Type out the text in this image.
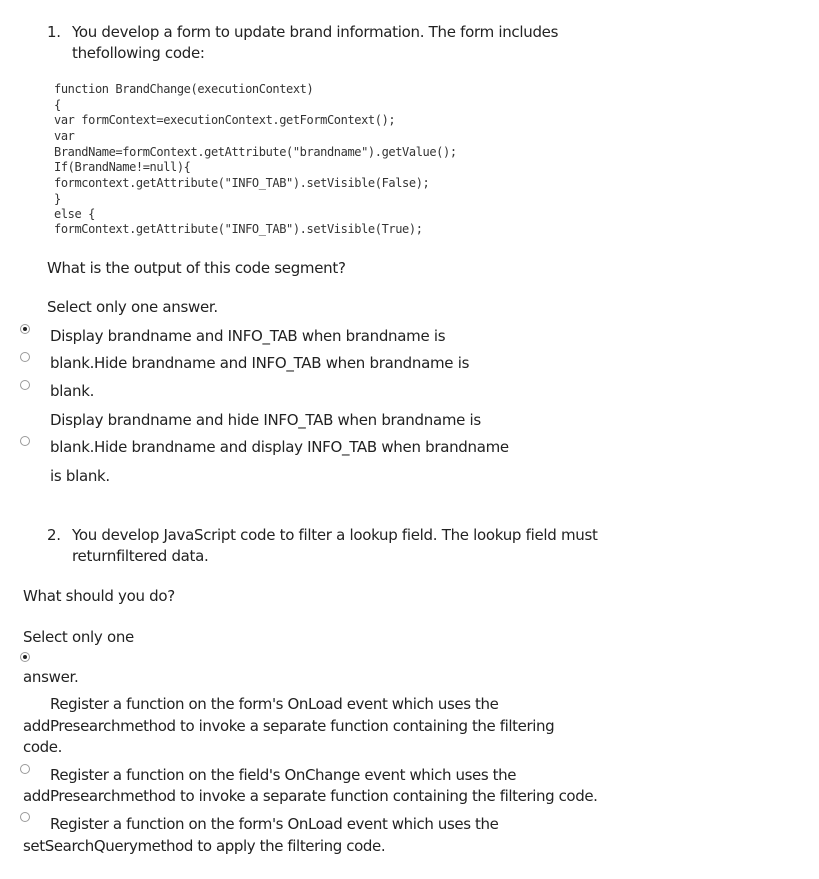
1. You develop a form to update brand information. The form includes
thefollowing code:
function BrandChange(executionContext)
{
var formContext=executionContext.getFormContext();
var
BrandName=formContext.getAttribute("brandname").getValue();
If(BrandName!=null){
formcontext.getAttribute("INFO_TAB").setVisible(False);
}
else {
formContext.getAttribute("INFO_TAB").setVisible(True);
What is the output of this code segment?
Select only one answer.
Display brandname and INFO_TAB when brandname is
blank.Hide brandname and INFO_TAB when brandname is
blank.
Display brandname and hide INFO_TAB when brandname is
blank.Hide brandname and display INFO_TAB when brandname
is blank.
2. You develop JavaScript code to filter a lookup field. The lookup field must
returnfiltered data.
What should you do?
Select only one
answer.
Register a function on the form's OnLoad event which uses the
addPresearchmethod to invoke a separate function containing the filtering
code.
Register a function on the field's OnChange event which uses the
addPresearchmethod to invoke a separate function containing the filtering code.
Register a function on the form's OnLoad event which uses the
setSearchQuerymethod to apply the filtering code.
